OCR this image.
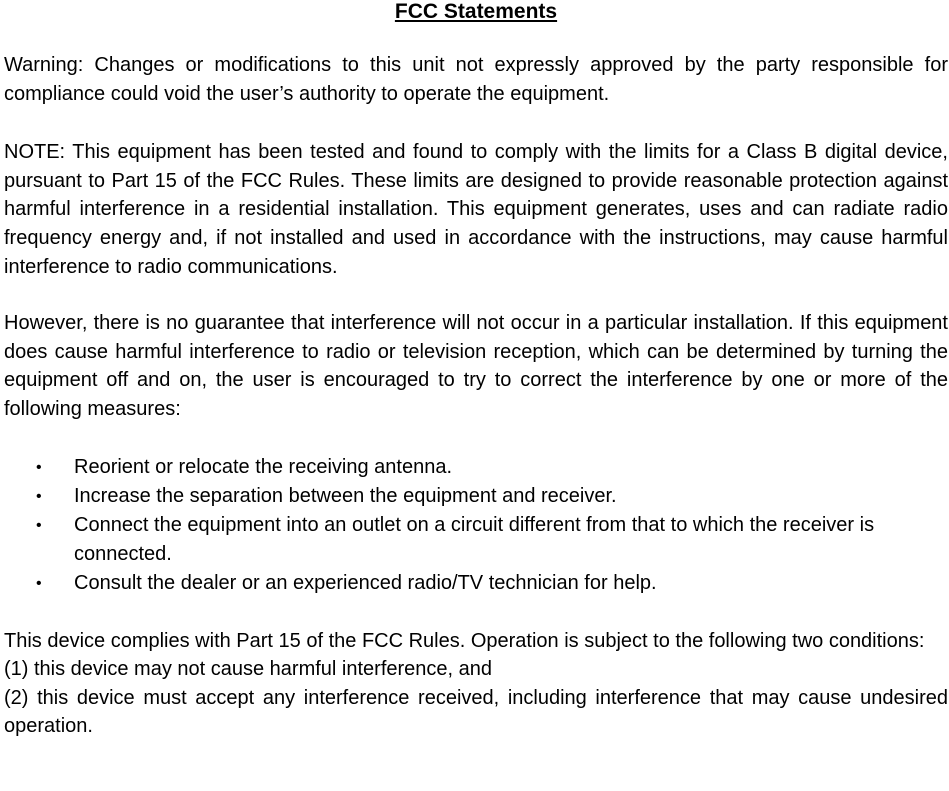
FCC Statements

Warning: Changes or modifications to this unit not expressly approved by the party responsible for compliance could void the user’s authority to operate the equipment.

NOTE: This equipment has been tested and found to comply with the limits for a Class B digital device, pursuant to Part 15 of the FCC Rules. These limits are designed to provide reasonable protection against harmful interference in a residential installation. This equipment generates, uses and can radiate radio frequency energy and, if not installed and used in accordance with the instructions, may cause harmful interference to radio communications.

However, there is no guarantee that interference will not occur in a particular installation. If this equipment does cause harmful interference to radio or television reception, which can be determined by turning the equipment off and on, the user is encouraged to try to correct the interference by one or more of the following measures:

• Reorient or relocate the receiving antenna.
• Increase the separation between the equipment and receiver.
• Connect the equipment into an outlet on a circuit different from that to which the receiver is connected.
• Consult the dealer or an experienced radio/TV technician for help.

This device complies with Part 15 of the FCC Rules. Operation is subject to the following two conditions:
(1) this device may not cause harmful interference, and
(2) this device must accept any interference received, including interference that may cause undesired operation.
